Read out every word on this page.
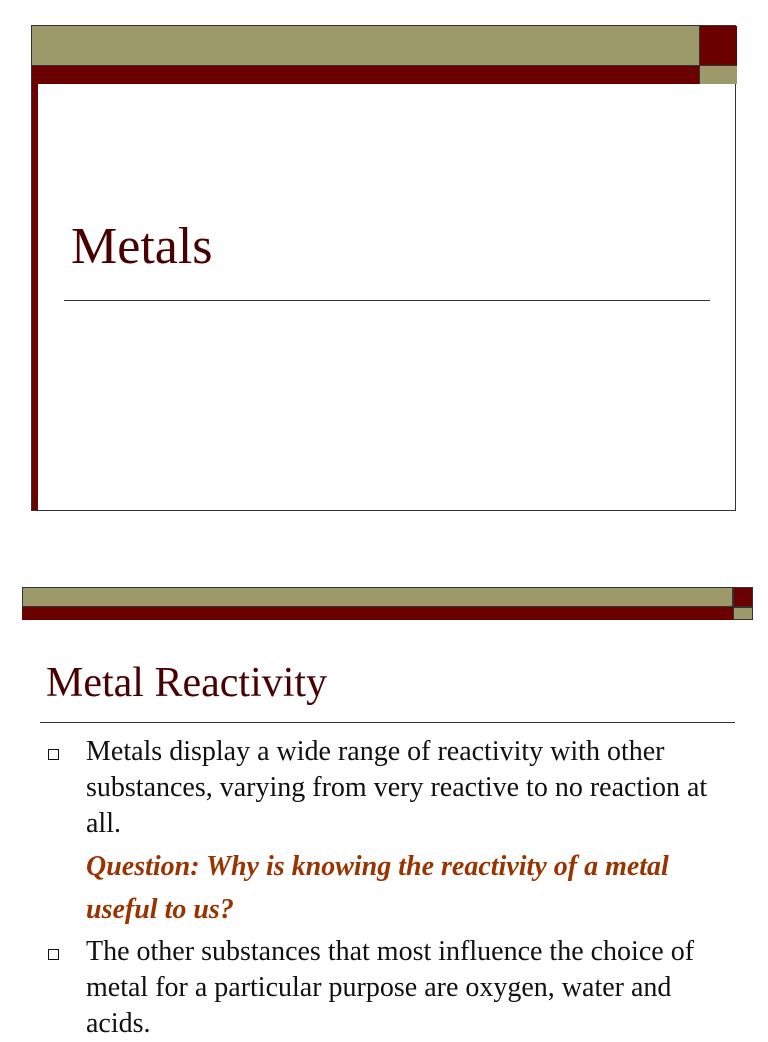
Metals
Metal Reactivity
Metals display a wide range of reactivity with other substances, varying from very reactive to no reaction at all.
Question: Why is knowing the reactivity of a metal useful to us?
The other substances that most influence the choice of metal for a particular purpose are oxygen, water and acids.
